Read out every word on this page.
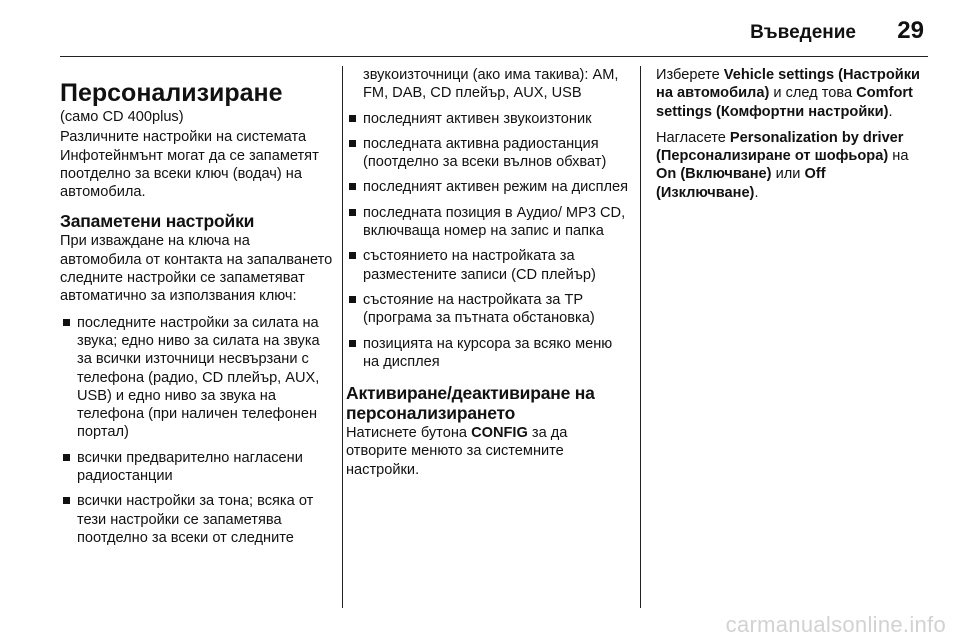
Въведение 29
Персонализиране

(само CD 400plus)

Различните настройки на системата Инфотейнмънт могат да се запаметят поотделно за всеки ключ (водач) на автомобила.

Запаметени настройки

При изваждане на ключа на автомобила от контакта на запалването следните настройки се запаметяват автоматично за използвания ключ:

последните настройки за силата на звука; едно ниво за силата на звука за всички източници несвързани с телефона (радио, CD плейър, AUX, USB) и едно ниво за звука на телефона (при наличен телефонен портал)
всички предварително нагласени радиостанции
всички настройки за тона; всяка от тези настройки се запаметява поотделно за всеки от следните

звукоизточници (ако има такива): AM, FM, DAB, CD плейър, AUX, USB

последният активен звукоизтоник
последната активна радиостанция (поотделно за всеки вълнов обхват)
последният активен режим на дисплея
последната позиция в Аудио/ MP3 CD, включваща номер на запис и папка
състоянието на настройката за разместените записи (CD плейър)
състояние на настройката за TP (програма за пътната обстановка)
позицията на курсора за всяко меню на дисплея
Активиране/деактивиране на персонализирането

Натиснете бутона CONFIG за да отворите менюто за системните настройки.

Изберете Vehicle settings (Настройки на автомобила) и след това Comfort settings (Комфортни настройки).

Нагласете Personalization by driver (Персонализиране от шофьора) на On (Включване) или Off (Изключване).

carmanualsonline.info
